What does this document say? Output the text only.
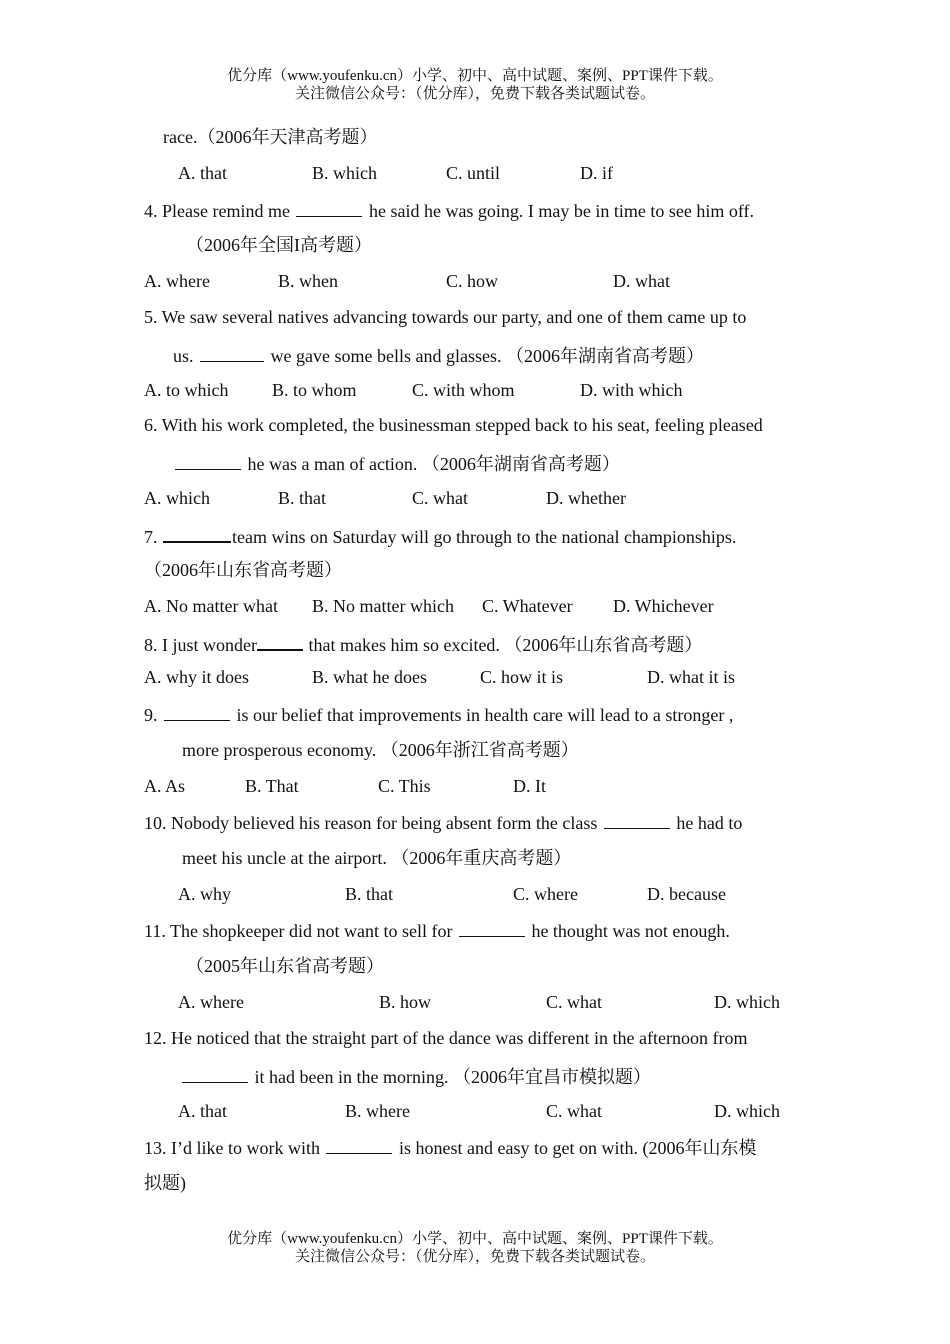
优分库（www.youfenku.cn）小学、初中、高中试题、案例、PPT课件下载。
关注微信公众号：（优分库），免费下载各类试题试卷。
race.（2006年天津高考题）
A. that	B. which	C. until	D. if
4. Please remind me	he said he was going. I may be in time to see him off.
（2006年全国I高考题）
A. where	B. when	C. how	D. what
5. We saw several natives advancing towards our party, and one of them came up to
us.	we gave some bells and glasses. （2006年湖南省高考题）
A. to which B. to whom	C. with whom	D. with which
6. With his work completed, the businessman stepped back to his seat, feeling pleased
he was a man of action. （2006年湖南省高考题）
A. which	B. that	C. what	D. whether
7.	team wins on Saturday will go through to the national championships.
（2006年山东省高考题）
A. No matter what B. No matter which C. Whatever D. Whichever
8. I just wonder	that makes him so excited. （2006年山东省高考题）
A. why it does	B. what he does	C. how it is	D. what it is
9.	is our belief that improvements in health care will lead to a stronger ,
more prosperous economy. （2006年浙江省高考题）
A. As	B. That	C. This	D. It
10. Nobody believed his reason for being absent form the class	he had to
meet his uncle at the airport. （2006年重庆高考题）
A. why	B. that	C. where	D. because
11. The shopkeeper did not want to sell for	he thought was not enough.
（2005年山东省高考题）
A. where	B. how	C. what	D. which
12. He noticed that the straight part of the dance was different in the afternoon from
it had been in the morning. （2006年宜昌市模拟题）
A. that	B. where	C. what	D. which
13. I’d like to work with	is honest and easy to get on with. (2006年山东模
拟题)
优分库（www.youfenku.cn）小学、初中、高中试题、案例、PPT课件下载。
关注微信公众号：（优分库），免费下载各类试题试卷。
